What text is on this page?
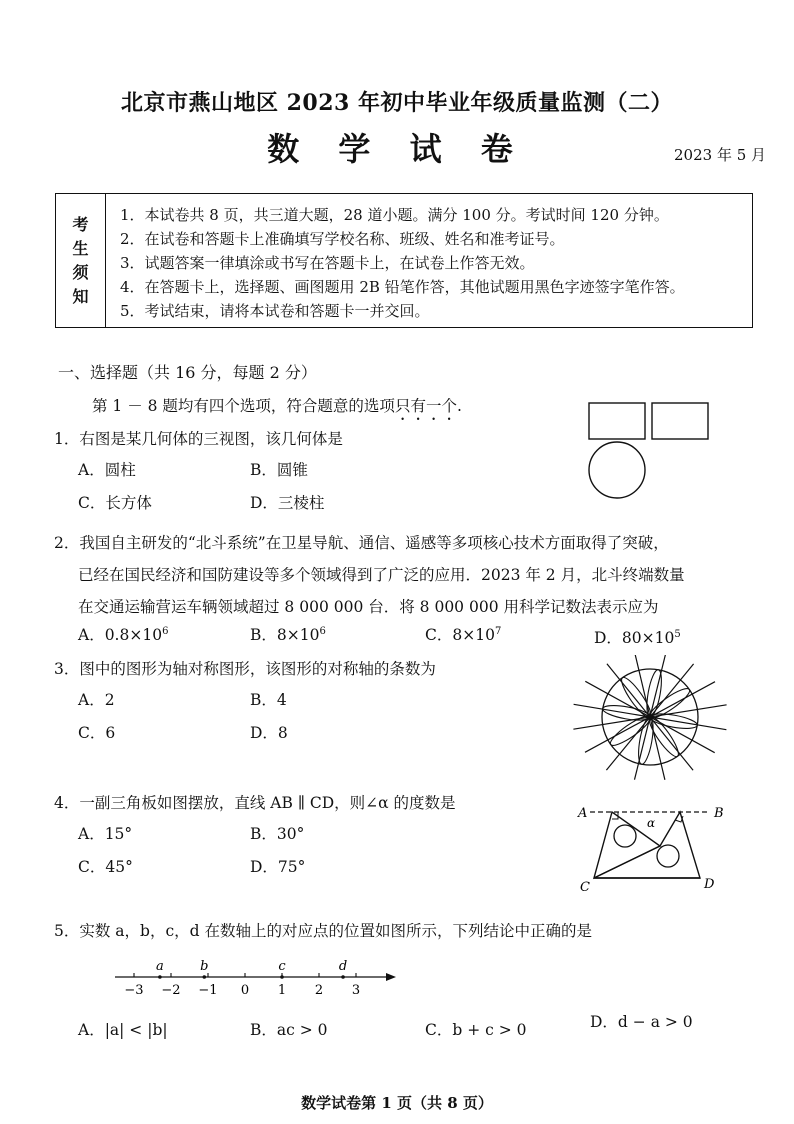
北京市燕山地区 2023 年初中毕业年级质量监测（二）
数 学 试 卷	2023 年 5 月
考
生
须
知
1．本试卷共 8 页，共三道大题，28 道小题。满分 100 分。考试时间 120 分钟。
2．在试卷和答题卡上准确填写学校名称、班级、姓名和准考证号。
3．试题答案一律填涂或书写在答题卡上，在试卷上作答无效。
4．在答题卡上，选择题、画图题用 2B 铅笔作答，其他试题用黑色字迹签字笔作答。
5．考试结束，请将本试卷和答题卡一并交回。
一、选择题（共 16 分，每题 2 分）
第 1 － 8 题均有四个选项，符合题意的选项只有一个.
1．右图是某几何体的三视图，该几何体是
A．圆柱	B．圆锥
C．长方体	D．三棱柱
2．我国自主研发的“北斗系统”在卫星导航、通信、遥感等多项核心技术方面取得了突破，
已经在国民经济和国防建设等多个领域得到了广泛的应用．2023 年 2 月，北斗终端数量
在交通运输营运车辆领域超过 8 000 000 台．将 8 000 000 用科学记数法表示应为
A．$0.8\times 10^6$	B．$8\times 10^6$	C．$8\times 10^7$	D．$80\times 10^5$
3．图中的图形为轴对称图形，该图形的对称轴的条数为
A．2	B．4
C．6	D．8
4．一副三角板如图摆放，直线 AB ∥ CD，则∠α 的度数是
A．15°	B．30°
C．45°	D．75°
A	B
C	D
α
5．实数 a，b，c，d 在数轴上的对应点的位置如图所示，下列结论中正确的是
−3 −2 −1 0 1 2 3
a	b	c	d
A．|a| < |b|	B．ac > 0	C．b + c > 0	D．d − a > 0
数学试卷第 1 页（共 8 页）
